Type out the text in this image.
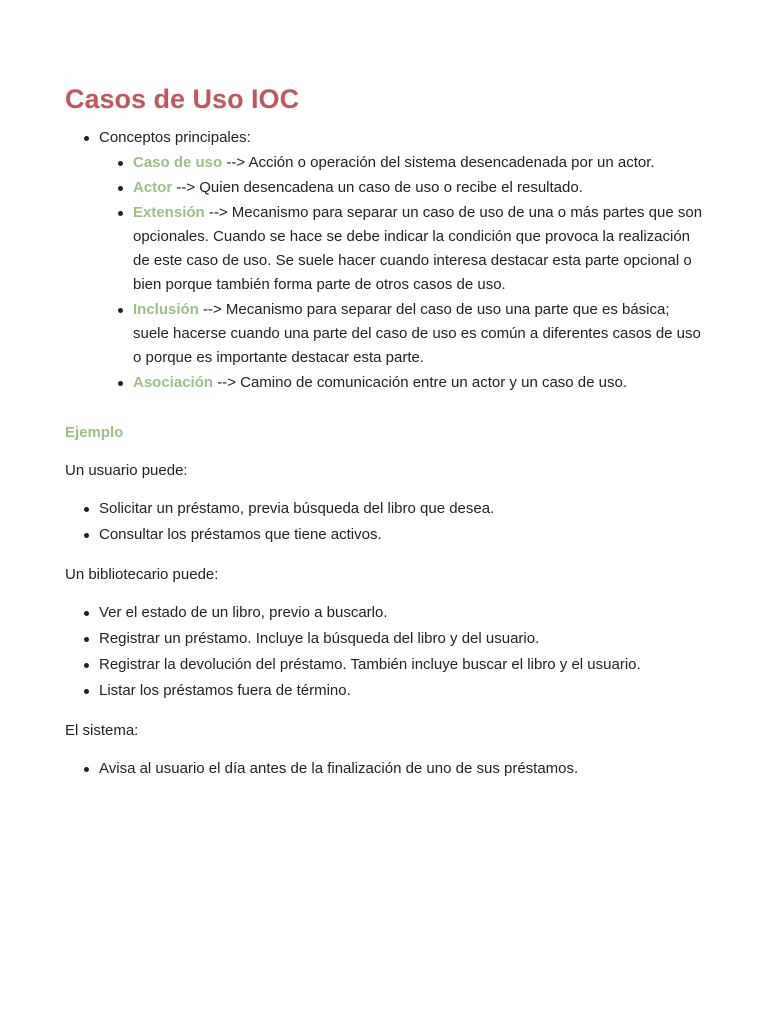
Casos de Uso IOC
Conceptos principales:
Caso de uso --> Acción o operación del sistema desencadenada por un actor.
Actor --> Quien desencadena un caso de uso o recibe el resultado.
Extensión --> Mecanismo para separar un caso de uso de una o más partes que son opcionales. Cuando se hace se debe indicar la condición que provoca la realización de este caso de uso. Se suele hacer cuando interesa destacar esta parte opcional o bien porque también forma parte de otros casos de uso.
Inclusión --> Mecanismo para separar del caso de uso una parte que es básica; suele hacerse cuando una parte del caso de uso es común a diferentes casos de uso o porque es importante destacar esta parte.
Asociación --> Camino de comunicación entre un actor y un caso de uso.
Ejemplo

Un usuario puede:

Solicitar un préstamo, previa búsqueda del libro que desea.
Consultar los préstamos que tiene activos.

Un bibliotecario puede:

Ver el estado de un libro, previo a buscarlo.
Registrar un préstamo. Incluye la búsqueda del libro y del usuario.
Registrar la devolución del préstamo. También incluye buscar el libro y el usuario.
Listar los préstamos fuera de término.

El sistema:

Avisa al usuario el día antes de la finalización de uno de sus préstamos.
